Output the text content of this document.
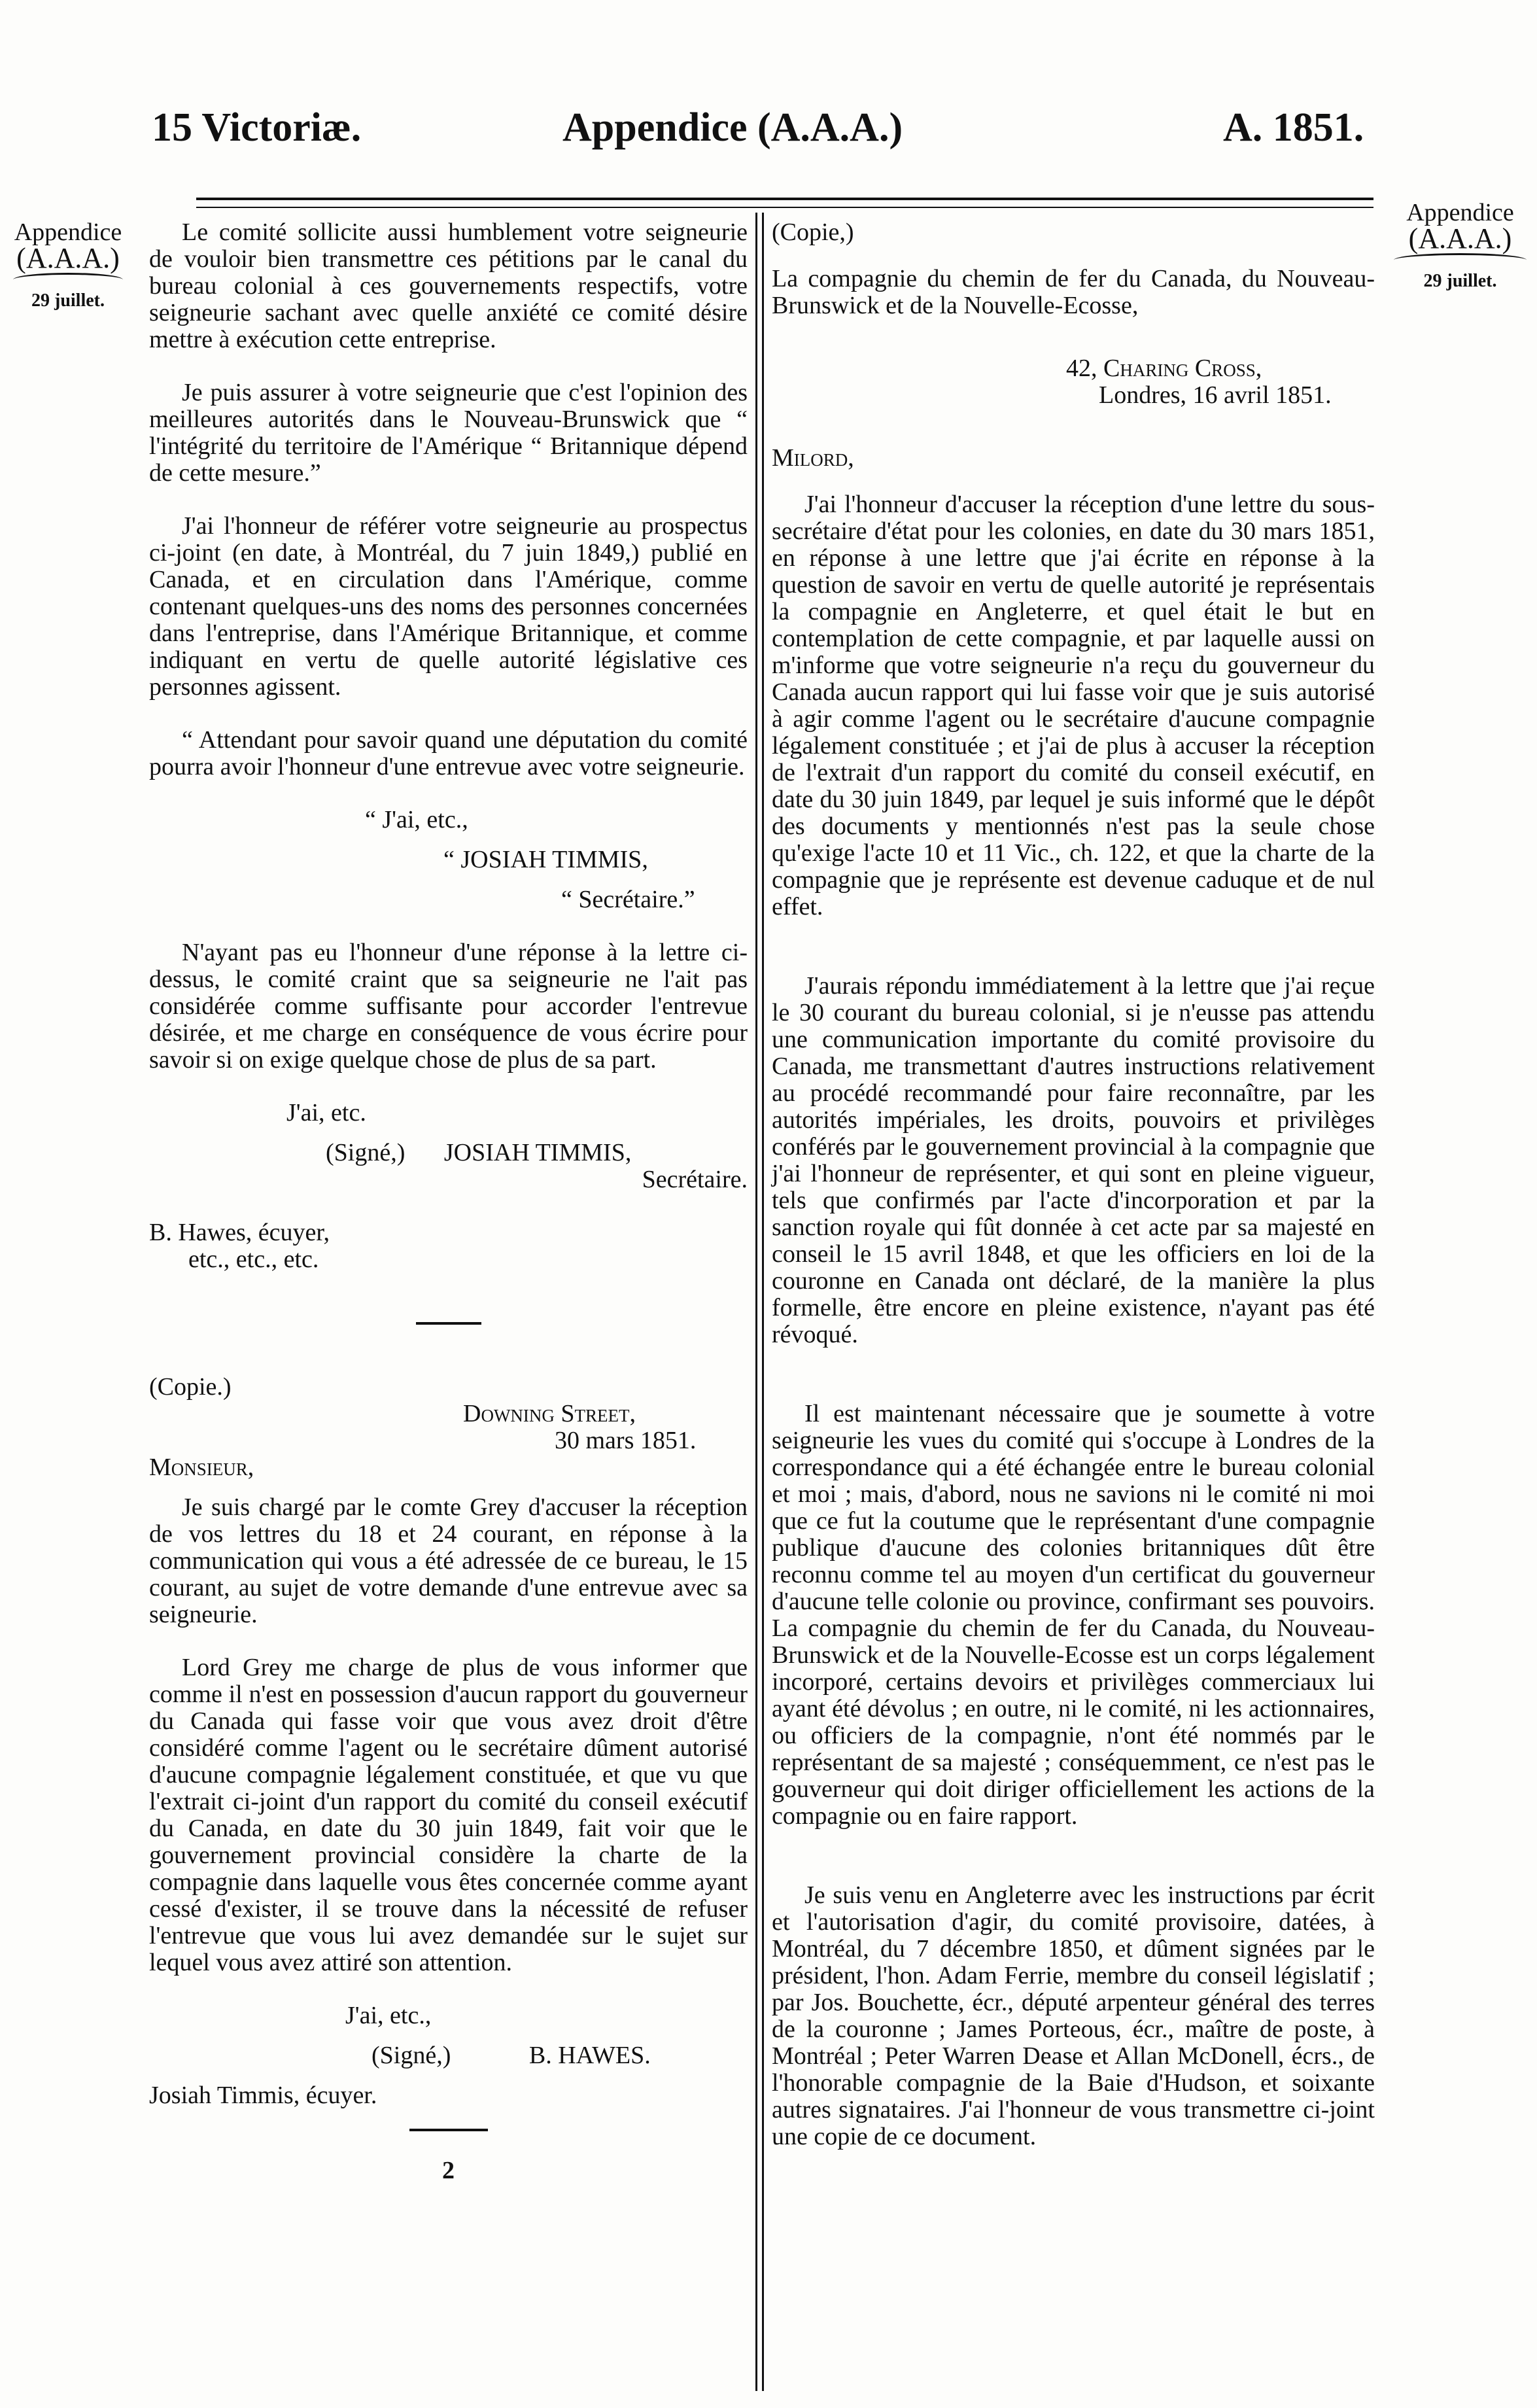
15 Victoriæ.	Appendice (A.A.A.)	A. 1851.
Appendice
(A.A.A.)
29 juillet.
Appendice
(A.A.A.)
29 juillet.

Le comité sollicite aussi humblement votre seigneurie de vouloir bien transmettre ces pétitions par le canal du bureau colonial à ces gouvernements respectifs, votre seigneurie sachant avec quelle anxiété ce comité désire mettre à exécution cette entreprise.

Je puis assurer à votre seigneurie que c'est l'opinion des meilleures autorités dans le Nouveau-Brunswick que “ l'intégrité du territoire de l'Amérique “ Britannique dépend de cette mesure.”

J'ai l'honneur de référer votre seigneurie au prospectus ci-joint (en date, à Montréal, du 7 juin 1849,) publié en Canada, et en circulation dans l'Amérique, comme contenant quelques-uns des noms des personnes concernées dans l'entreprise, dans l'Amérique Britannique, et comme indiquant en vertu de quelle autorité législative ces personnes agissent.

“ Attendant pour savoir quand une députation du comité pourra avoir l'honneur d'une entrevue avec votre seigneurie.

“ J'ai, etc.,

“ JOSIAH TIMMIS,

“ Secrétaire.”

N'ayant pas eu l'honneur d'une réponse à la lettre ci-dessus, le comité craint que sa seigneurie ne l'ait pas considérée comme suffisante pour accorder l'entrevue désirée, et me charge en conséquence de vous écrire pour savoir si on exige quelque chose de plus de sa part.

J'ai, etc.

(Signé,) JOSIAH TIMMIS,

Secrétaire.

B. Hawes, écuyer,

etc., etc., etc.

(Copie.)

Downing Street,

30 mars 1851.

Monsieur,

Je suis chargé par le comte Grey d'accuser la réception de vos lettres du 18 et 24 courant, en réponse à la communication qui vous a été adressée de ce bureau, le 15 courant, au sujet de votre demande d'une entrevue avec sa seigneurie.

Lord Grey me charge de plus de vous informer que comme il n'est en possession d'aucun rapport du gouverneur du Canada qui fasse voir que vous avez droit d'être considéré comme l'agent ou le secrétaire dûment autorisé d'aucune compagnie légalement constituée, et que vu que l'extrait ci-joint d'un rapport du comité du conseil exécutif du Canada, en date du 30 juin 1849, fait voir que le gouvernement provincial considère la charte de la compagnie dans laquelle vous êtes concernée comme ayant cessé d'exister, il se trouve dans la nécessité de refuser l'entrevue que vous lui avez demandée sur le sujet sur lequel vous avez attiré son attention.

J'ai, etc.,

(Signé,)	B. HAWES.

Josiah Timmis, écuyer.

2

(Copie,)

La compagnie du chemin de fer du Canada, du Nouveau-Brunswick et de la Nouvelle-Ecosse,

42, Charing Cross,

Londres, 16 avril 1851.

Milord,

J'ai l'honneur d'accuser la réception d'une lettre du sous-secrétaire d'état pour les colonies, en date du 30 mars 1851, en réponse à une lettre que j'ai écrite en réponse à la question de savoir en vertu de quelle autorité je représentais la compagnie en Angleterre, et quel était le but en contemplation de cette compagnie, et par laquelle aussi on m'informe que votre seigneurie n'a reçu du gouverneur du Canada aucun rapport qui lui fasse voir que je suis autorisé à agir comme l'agent ou le secrétaire d'aucune compagnie légalement constituée ; et j'ai de plus à accuser la réception de l'extrait d'un rapport du comité du conseil exécutif, en date du 30 juin 1849, par lequel je suis informé que le dépôt des documents y mentionnés n'est pas la seule chose qu'exige l'acte 10 et 11 Vic., ch. 122, et que la charte de la compagnie que je représente est devenue caduque et de nul effet.

J'aurais répondu immédiatement à la lettre que j'ai reçue le 30 courant du bureau colonial, si je n'eusse pas attendu une communication importante du comité provisoire du Canada, me transmettant d'autres instructions relativement au procédé recommandé pour faire reconnaître, par les autorités impériales, les droits, pouvoirs et privilèges conférés par le gouvernement provincial à la compagnie que j'ai l'honneur de représenter, et qui sont en pleine vigueur, tels que confirmés par l'acte d'incorporation et par la sanction royale qui fût donnée à cet acte par sa majesté en conseil le 15 avril 1848, et que les officiers en loi de la couronne en Canada ont déclaré, de la manière la plus formelle, être encore en pleine existence, n'ayant pas été révoqué.

Il est maintenant nécessaire que je soumette à votre seigneurie les vues du comité qui s'occupe à Londres de la correspondance qui a été échangée entre le bureau colonial et moi ; mais, d'abord, nous ne savions ni le comité ni moi que ce fut la coutume que le représentant d'une compagnie publique d'aucune des colonies britanniques dût être reconnu comme tel au moyen d'un certificat du gouverneur d'aucune telle colonie ou province, confirmant ses pouvoirs. La compagnie du chemin de fer du Canada, du Nouveau-Brunswick et de la Nouvelle-Ecosse est un corps légalement incorporé, certains devoirs et privilèges commerciaux lui ayant été dévolus ; en outre, ni le comité, ni les actionnaires, ou officiers de la compagnie, n'ont été nommés par le représentant de sa majesté ; conséquemment, ce n'est pas le gouverneur qui doit diriger officiellement les actions de la compagnie ou en faire rapport.

Je suis venu en Angleterre avec les instructions par écrit et l'autorisation d'agir, du comité provisoire, datées, à Montréal, du 7 décembre 1850, et dûment signées par le président, l'hon. Adam Ferrie, membre du conseil législatif ; par Jos. Bouchette, écr., député arpenteur général des terres de la couronne ; James Porteous, écr., maître de poste, à Montréal ; Peter Warren Dease et Allan McDonell, écrs., de l'honorable compagnie de la Baie d'Hudson, et soixante autres signataires. J'ai l'honneur de vous transmettre ci-joint une copie de ce document.
